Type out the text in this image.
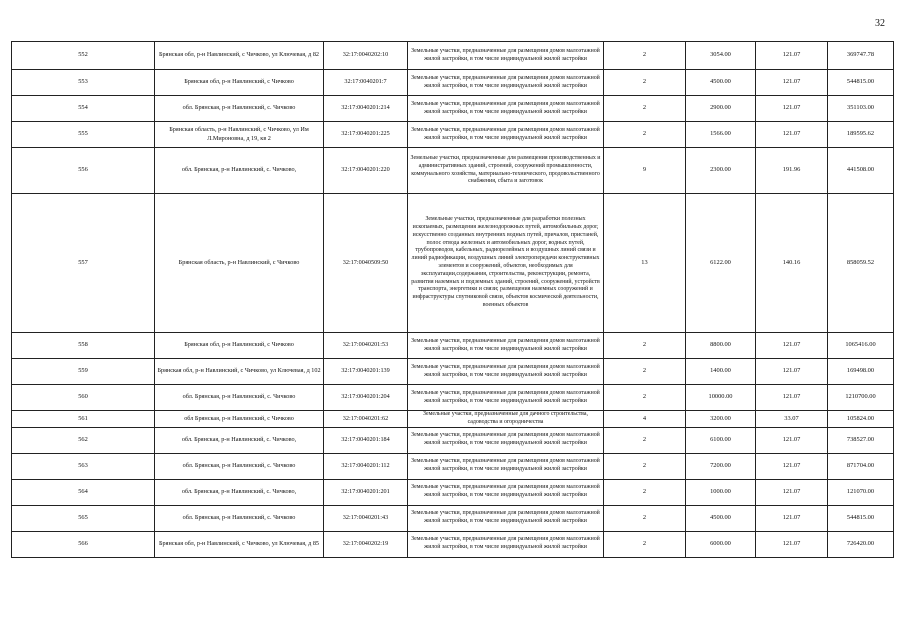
32
552	Брянская обл, р-н Навлинский, с Чичково, ул Ключевая, д 82	32:17:0040202:10	Земельные участки, предназначенные для размещения домов малоэтажной жилой застройки, в том числе индивидуальной жилой застройки	2	3054.00	121.07	369747.78
553	Брянская обл, р-н Навлинский, с Чичково	32:17:0040201:7	Земельные участки, предназначенные для размещения домов малоэтажной жилой застройки, в том числе индивидуальной жилой застройки	2	4500.00	121.07	544815.00
554	обл. Брянская, р-н Навлинский, с. Чичково	32:17:0040201:214	Земельные участки, предназначенные для размещения домов малоэтажной жилой застройки, в том числе индивидуальной жилой застройки	2	2900.00	121.07	351103.00
555	Брянская область, р-н Навлинский, с Чичково, ул Им Л.Мироновна, д 19, кв 2	32:17:0040201:225	Земельные участки, предназначенные для размещения домов малоэтажной жилой застройки, в том числе индивидуальной жилой застройки	2	1566.00	121.07	189595.62
556	обл. Брянская, р-н Навлинский, с. Чичково,	32:17:0040201:220	Земельные участки, предназначенные для размещения производственных и административных зданий, строений, сооружений промышленности, коммунального хозяйства, материально-технического, продовольственного снабжения, сбыта и заготовок	9	2300.00	191.96	441508.00
557	Брянская область, р-н Навлинский, с Чичково	32:17:0040509:50	Земельные участки, предназначенные для разработки полезных ископаемых, размещения железнодорожных путей, автомобильных дорог, искусственно созданных внутренних водных путей, причалов, пристаней, полос отвода железных и автомобильных дорог, водных путей, трубопроводов, кабельных, радиорелейных и воздушных линий связи и линий радиофикации, воздушных линий электропередачи конструктивных элементов и сооружений, объектов, необходимых для эксплуатации,содержания, строительства, реконструкции, ремонта, развития наземных и подземных зданий, строений, сооружений, устройств транспорта, энергетики и связи; размещения наземных сооружений и инфраструктуры спутниковой связи, объектов космической деятельности, военных объектов	13	6122.00	140.16	858059.52
558	Брянская обл, р-н Навлинский, с Чичково	32:17:0040201:53	Земельные участки, предназначенные для размещения домов малоэтажной жилой застройки, в том числе индивидуальной жилой застройки	2	8800.00	121.07	1065416.00
559	Брянская обл, р-н Навлинский, с Чичково, ул Ключевая, д 102	32:17:0040201:139	Земельные участки, предназначенные для размещения домов малоэтажной жилой застройки, в том числе индивидуальной жилой застройки	2	1400.00	121.07	169498.00
560	обл. Брянская, р-н Навлинский, с. Чичково	32:17:0040201:204	Земельные участки, предназначенные для размещения домов малоэтажной жилой застройки, в том числе индивидуальной жилой застройки	2	10000.00	121.07	1210700.00
561	обл Брянская, р-н Навлинский, с Чичково	32:17:0040201:62	Земельные участки, предназначенные для дачного строительства, садоводства и огородничества	4	3200.00	33.07	105824.00
562	обл. Брянская, р-н Навлинский, с. Чичково,	32:17:0040201:184	Земельные участки, предназначенные для размещения домов малоэтажной жилой застройки, в том числе индивидуальной жилой застройки	2	6100.00	121.07	738527.00
563	обл. Брянская, р-н Навлинский, с. Чичково	32:17:0040201:112	Земельные участки, предназначенные для размещения домов малоэтажной жилой застройки, в том числе индивидуальной жилой застройки	2	7200.00	121.07	871704.00
564	обл. Брянская, р-н Навлинский, с. Чичково,	32:17:0040201:201	Земельные участки, предназначенные для размещения домов малоэтажной жилой застройки, в том числе индивидуальной жилой застройки	2	1000.00	121.07	121070.00
565	обл. Брянская, р-н Навлинский, с. Чичково	32:17:0040201:43	Земельные участки, предназначенные для размещения домов малоэтажной жилой застройки, в том числе индивидуальной жилой застройки	2	4500.00	121.07	544815.00
566	Брянская обл, р-н Навлинский, с Чичково, ул Ключевая, д 85	32:17:0040202:19	Земельные участки, предназначенные для размещения домов малоэтажной жилой застройки, в том числе индивидуальной жилой застройки	2	6000.00	121.07	726420.00
